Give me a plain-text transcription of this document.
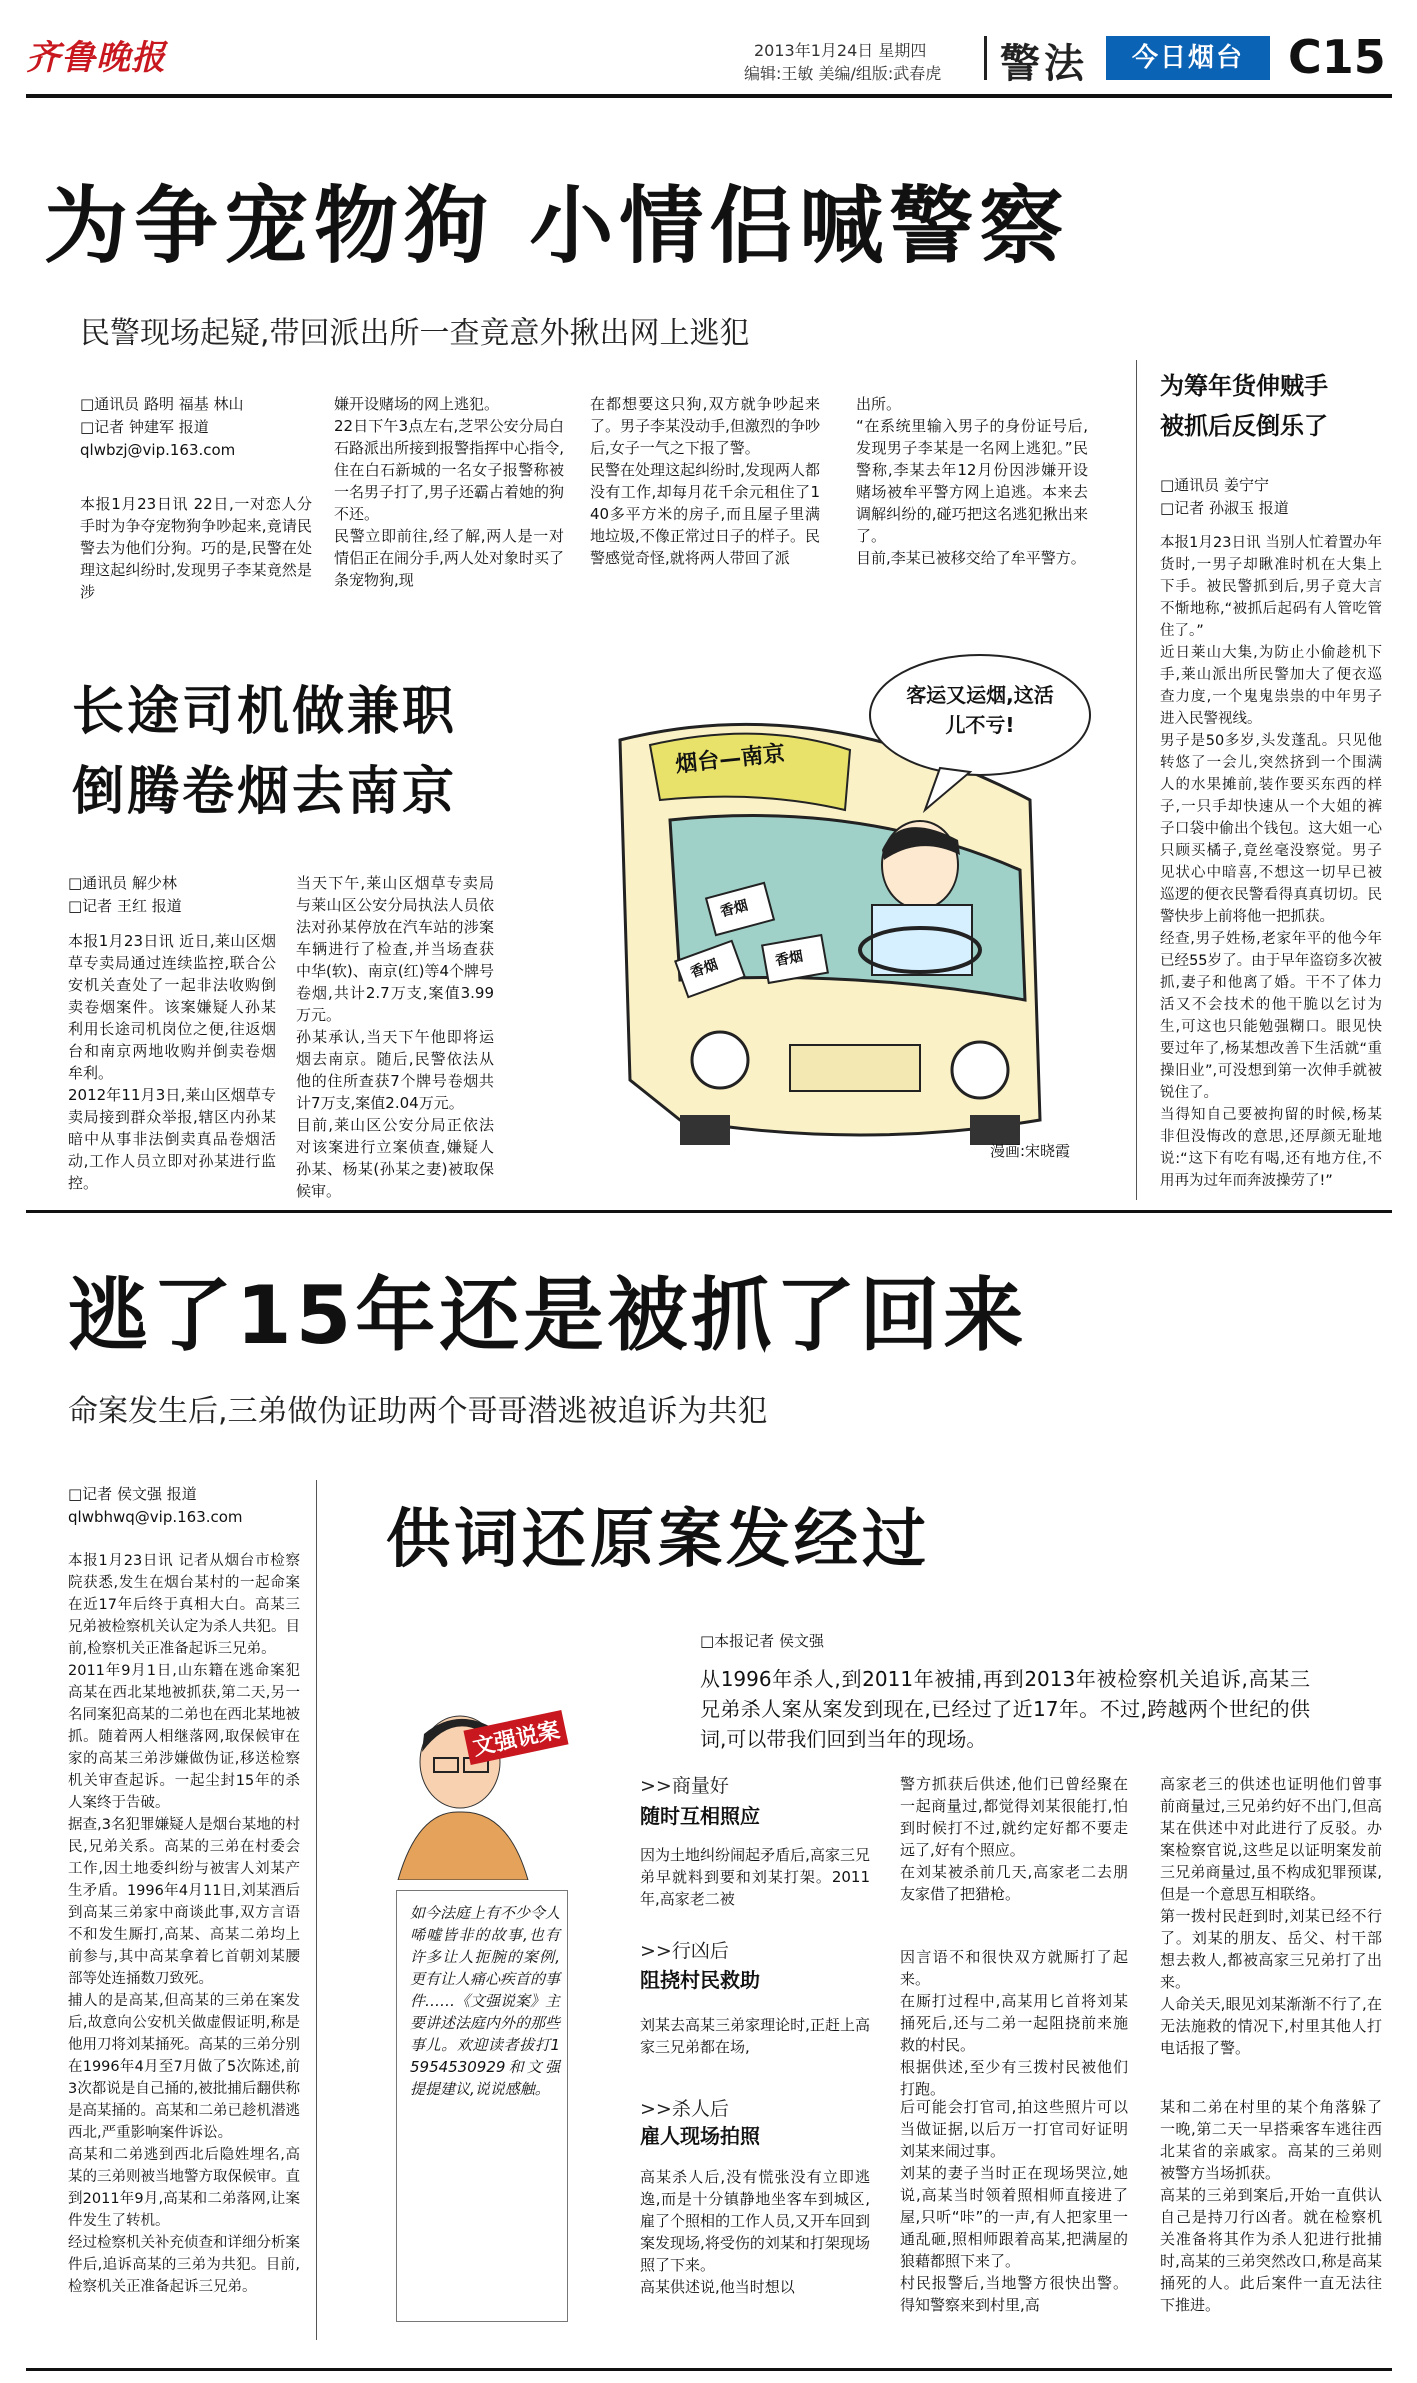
齐鲁晚报	2013年1月24日 星期四
编辑:王敏 美编/组版:武春虎 警法	今日烟台 C15
为争宠物狗 小情侣喊警察
民警现场起疑,带回派出所一查竟意外揪出网上逃犯
□通讯员 路明 福基 林山
□记者 钟建军 报道
qlwbzj@vip.163.com
本报1月23日讯 22日,一对恋人分手时为争夺宠物狗争吵起来,竟请民警去为他们分狗。巧的是,民警在处理这起纠纷时,发现男子李某竟然是涉
嫌开设赌场的网上逃犯。
22日下午3点左右,芝罘公安分局白石路派出所接到报警指挥中心指令,住在白石新城的一名女子报警称被一名男子打了,男子还霸占着她的狗不还。
民警立即前往,经了解,两人是一对情侣正在闹分手,两人处对象时买了条宠物狗,现
在都想要这只狗,双方就争吵起来了。男子李某没动手,但激烈的争吵后,女子一气之下报了警。
民警在处理这起纠纷时,发现两人都没有工作,却每月花千余元租住了140多平方米的房子,而且屋子里满地垃圾,不像正常过日子的样子。民警感觉奇怪,就将两人带回了派
出所。
“在系统里输入男子的身份证号后,发现男子李某是一名网上逃犯。”民警称,李某去年12月份因涉嫌开设赌场被牟平警方网上追逃。本来去调解纠纷的,碰巧把这名逃犯揪出来了。
目前,李某已被移交给了牟平警方。
长途司机做兼职
倒腾卷烟去南京
□通讯员 解少林
□记者 王红 报道
本报1月23日讯 近日,莱山区烟草专卖局通过连续监控,联合公安机关查处了一起非法收购倒卖卷烟案件。该案嫌疑人孙某利用长途司机岗位之便,往返烟台和南京两地收购并倒卖卷烟牟利。
2012年11月3日,莱山区烟草专卖局接到群众举报,辖区内孙某暗中从事非法倒卖真品卷烟活动,工作人员立即对孙某进行监控。
当天下午,莱山区烟草专卖局与莱山区公安分局执法人员依法对孙某停放在汽车站的涉案车辆进行了检查,并当场查获中华(软)、南京(红)等4个牌号卷烟,共计2.7万支,案值3.99万元。
孙某承认,当天下午他即将运烟去南京。随后,民警依法从他的住所查获7个牌号卷烟共计7万支,案值2.04万元。
目前,莱山区公安分局正依法对该案进行立案侦查,嫌疑人孙某、杨某(孙某之妻)被取保候审。
烟台—南京
客运又运烟,这活儿不亏!
香烟
香烟
香烟
漫画:宋晓霞
为筹年货伸贼手
被抓后反倒乐了
□通讯员 姜宁宁
□记者 孙淑玉 报道
本报1月23日讯 当别人忙着置办年货时,一男子却瞅准时机在大集上下手。被民警抓到后,男子竟大言不惭地称,“被抓后起码有人管吃管住了。”
近日莱山大集,为防止小偷趁机下手,莱山派出所民警加大了便衣巡查力度,一个鬼鬼祟祟的中年男子进入民警视线。
男子是50多岁,头发蓬乱。只见他转悠了一会儿,突然挤到一个围满人的水果摊前,装作要买东西的样子,一只手却快速从一个大姐的裤子口袋中偷出个钱包。这大姐一心只顾买橘子,竟丝毫没察觉。男子见状心中暗喜,不想这一切早已被巡逻的便衣民警看得真真切切。民警快步上前将他一把抓获。
经查,男子姓杨,老家年平的他今年已经55岁了。由于早年盗窃多次被抓,妻子和他离了婚。干不了体力活又不会技术的他干脆以乞讨为生,可这也只能勉强糊口。眼见快要过年了,杨某想改善下生活就“重操旧业”,可没想到第一次伸手就被锐住了。
当得知自己要被拘留的时候,杨某非但没悔改的意思,还厚颜无耻地说:“这下有吃有喝,还有地方住,不用再为过年而奔波操劳了!”
逃了15年还是被抓了回来
命案发生后,三弟做伪证助两个哥哥潜逃被追诉为共犯
□记者 侯文强 报道
qlwbhwq@vip.163.com
本报1月23日讯 记者从烟台市检察院获悉,发生在烟台某村的一起命案在近17年后终于真相大白。高某三兄弟被检察机关认定为杀人共犯。目前,检察机关正准备起诉三兄弟。
2011年9月1日,山东籍在逃命案犯高某在西北某地被抓获,第二天,另一名同案犯高某的二弟也在西北某地被抓。随着两人相继落网,取保候审在家的高某三弟涉嫌做伪证,移送检察机关审查起诉。一起尘封15年的杀人案终于告破。
据查,3名犯罪嫌疑人是烟台某地的村民,兄弟关系。高某的三弟在村委会工作,因土地委纠纷与被害人刘某产生矛盾。1996年4月11日,刘某酒后到高某三弟家中商谈此事,双方言语不和发生厮打,高某、高某二弟均上前参与,其中高某拿着匕首朝刘某腰部等处连捅数刀致死。
捕人的是高某,但高某的三弟在案发后,故意向公安机关做虚假证明,称是他用刀将刘某捅死。高某的三弟分别在1996年4月至7月做了5次陈述,前3次都说是自己捅的,被批捕后翻供称是高某捅的。高某和二弟已趁机潜逃西北,严重影响案件诉讼。
高某和二弟逃到西北后隐姓埋名,高某的三弟则被当地警方取保候审。直到2011年9月,高某和二弟落网,让案件发生了转机。
经过检察机关补充侦查和详细分析案件后,追诉高某的三弟为共犯。目前,检察机关正准备起诉三兄弟。
供词还原案发经过
□本报记者 侯文强
从1996年杀人,到2011年被捕,再到2013年被检察机关追诉,高某三兄弟杀人案从案发到现在,已经过了近17年。不过,跨越两个世纪的供词,可以带我们回到当年的现场。
文强说案
如今法庭上有不少令人唏嘘皆非的故事,也有许多让人扼腕的案例,更有让人痛心疾首的事件……《文强说案》主要讲述法庭内外的那些事儿。欢迎读者拔打15954530929和文强提提建议,说说感触。
>>商量好
随时互相照应
因为土地纠纷闹起矛盾后,高家三兄弟早就料到要和刘某打架。2011年,高家老二被
>>行凶后
阻挠村民救助
刘某去高某三弟家理论时,正赶上高家三兄弟都在场,
>>杀人后
雇人现场拍照
高某杀人后,没有慌张没有立即逃逸,而是十分镇静地坐客车到城区,雇了个照相的工作人员,又开车回到案发现场,将受伤的刘某和打架现场照了下来。
高某供述说,他当时想以
警方抓获后供述,他们已曾经聚在一起商量过,都觉得刘某很能打,怕到时候打不过,就约定好都不要走远了,好有个照应。
在刘某被杀前几天,高家老二去朋友家借了把猎枪。
因言语不和很快双方就厮打了起来。
在厮打过程中,高某用匕首将刘某捅死后,还与二弟一起阻挠前来施救的村民。
根据供述,至少有三拨村民被他们打跑。
后可能会打官司,拍这些照片可以当做证据,以后万一打官司好证明刘某来闹过事。
刘某的妻子当时正在现场哭泣,她说,高某当时领着照相师直接进了屋,只听“咔”的一声,有人把家里一通乱砸,照相师跟着高某,把满屋的狼藉都照下来了。
村民报警后,当地警方很快出警。得知警察来到村里,高
高家老三的供述也证明他们曾事前商量过,三兄弟约好不出门,但高某在供述中对此进行了反驳。办案检察官说,这些足以证明案发前三兄弟商量过,虽不构成犯罪预谋,但是一个意思互相联络。
第一拨村民赶到时,刘某已经不行了。刘某的朋友、岳父、村干部想去救人,都被高家三兄弟打了出来。
人命关天,眼见刘某渐渐不行了,在无法施救的情况下,村里其他人打电话报了警。
某和二弟在村里的某个角落躲了一晚,第二天一早搭乘客车逃往西北某省的亲戚家。高某的三弟则被警方当场抓获。
高某的三弟到案后,开始一直供认自己是持刀行凶者。就在检察机关准备将其作为杀人犯进行批捕时,高某的三弟突然改口,称是高某捅死的人。此后案件一直无法往下推进。
